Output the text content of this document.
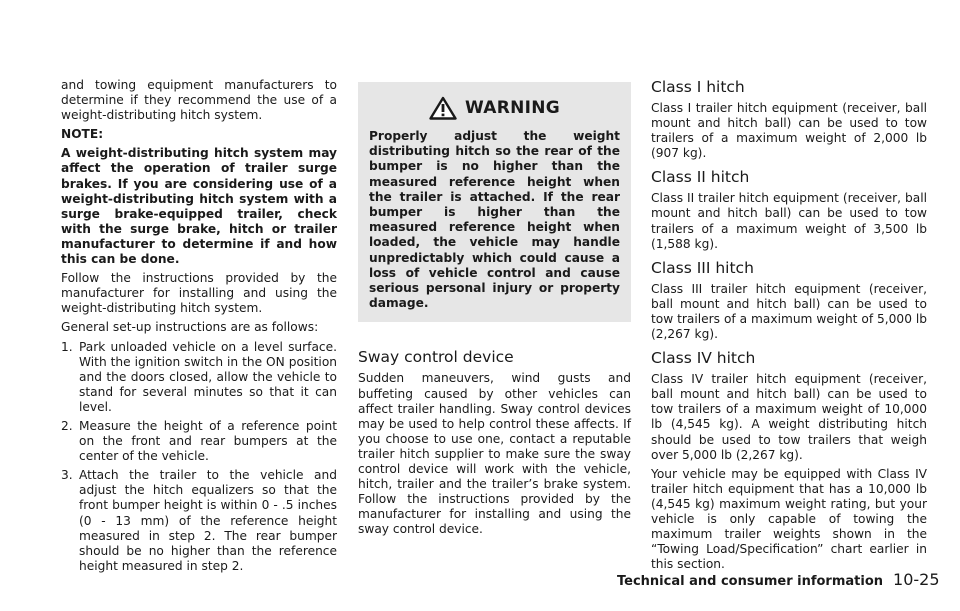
and towing equipment manufacturers to determine if they recommend the use of a weight-distributing hitch system.

NOTE:

A weight-distributing hitch system may affect the operation of trailer surge brakes. If you are considering use of a weight-distributing hitch system with a surge brake-equipped trailer, check with the surge brake, hitch or trailer manufacturer to determine if and how this can be done.

Follow the instructions provided by the manufacturer for installing and using the weight-distributing hitch system.

General set-up instructions are as follows:

1. Park unloaded vehicle on a level surface. With the ignition switch in the ON position and the doors closed, allow the vehicle to stand for several minutes so that it can level.
2. Measure the height of a reference point on the front and rear bumpers at the center of the vehicle.
3. Attach the trailer to the vehicle and adjust the hitch equalizers so that the front bumper height is within 0 - .5 inches (0 - 13 mm) of the reference height measured in step 2. The rear bumper should be no higher than the reference height measured in step 2.
WARNING

Properly adjust the weight distributing hitch so the rear of the bumper is no higher than the measured reference height when the trailer is attached. If the rear bumper is higher than the measured reference height when loaded, the vehicle may handle unpredictably which could cause a loss of vehicle control and cause serious personal injury or property damage.

Sway control device

Sudden maneuvers, wind gusts and buffeting caused by other vehicles can affect trailer handling. Sway control devices may be used to help control these affects. If you choose to use one, contact a reputable trailer hitch supplier to make sure the sway control device will work with the vehicle, hitch, trailer and the trailer’s brake system. Follow the instructions provided by the manufacturer for installing and using the sway control device.

Class I hitch

Class I trailer hitch equipment (receiver, ball mount and hitch ball) can be used to tow trailers of a maximum weight of 2,000 lb (907 kg).

Class II hitch

Class II trailer hitch equipment (receiver, ball mount and hitch ball) can be used to tow trailers of a maximum weight of 3,500 lb (1,588 kg).

Class III hitch

Class III trailer hitch equipment (receiver, ball mount and hitch ball) can be used to tow trailers of a maximum weight of 5,000 lb (2,267 kg).

Class IV hitch

Class IV trailer hitch equipment (receiver, ball mount and hitch ball) can be used to tow trailers of a maximum weight of 10,000 lb (4,545 kg). A weight distributing hitch should be used to tow trailers that weigh over 5,000 lb (2,267 kg).

Your vehicle may be equipped with Class IV trailer hitch equipment that has a 10,000 lb (4,545 kg) maximum weight rating, but your vehicle is only capable of towing the maximum trailer weights shown in the “Towing Load/Specification” chart earlier in this section.

Technical and consumer information 10-25
